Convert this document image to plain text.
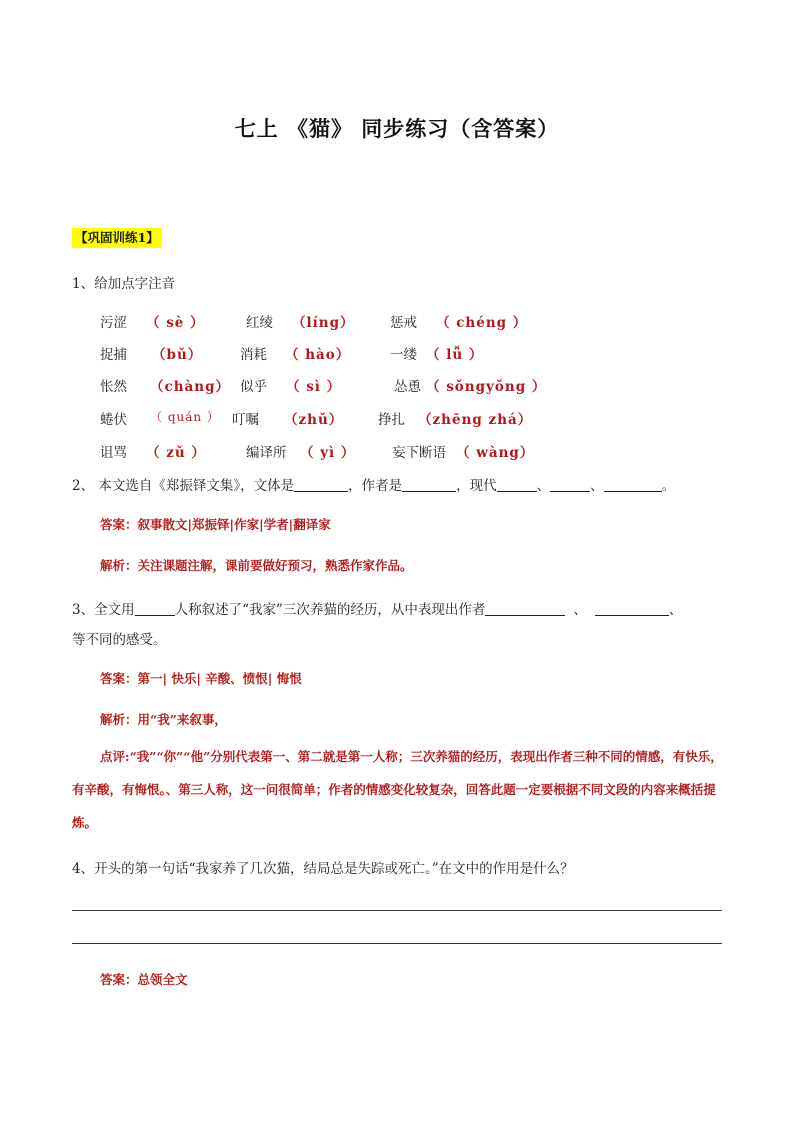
七上 《猫》 同步练习（含答案）
【巩固训练1】
1、给加点字注音
污涩 （ sè ）	红绫 （líng）	惩戒 （ chéng ）
捉捕 （bǔ）	消耗 （ hào）	一缕 （ lǚ ）
怅然 （chàng） 似乎 （ sì ）	怂恿 （ sǒngyǒng ）
蜷伏 （ quán ） 叮嘱 （zhǔ）	挣扎 （zhēng zhá）
诅骂 （ zǔ ）	编译所 （ yì ）	妄下断语 （ wàng）
2、 本文选自《郑振铎文集》，文体是	，作者是	，现代	、	、	。
答案：叙事散文|郑振铎|作家|学者|翻译家
解析：关注课题注解，课前要做好预习，熟悉作家作品。
3、全文用	人称叙述了“我家”三次养猫的经历，从中表现出作者	、	、
等不同的感受。
答案：第一| 快乐| 辛酸、愤恨| 悔恨
解析：用“我”来叙事，
点评:“我”“你”“他”分别代表第一、第二就是第一人称；三次养猫的经历，表现出作者三种不同的情感，有快乐，有辛酸，有悔恨。、第三人称，这一问很简单；作者的情感变化较复杂，回答此题一定要根据不同文段的内容来概括提炼。
4、开头的第一句话“我家养了几次猫，结局总是失踪或死亡。”在文中的作用是什么？
答案：总领全文
